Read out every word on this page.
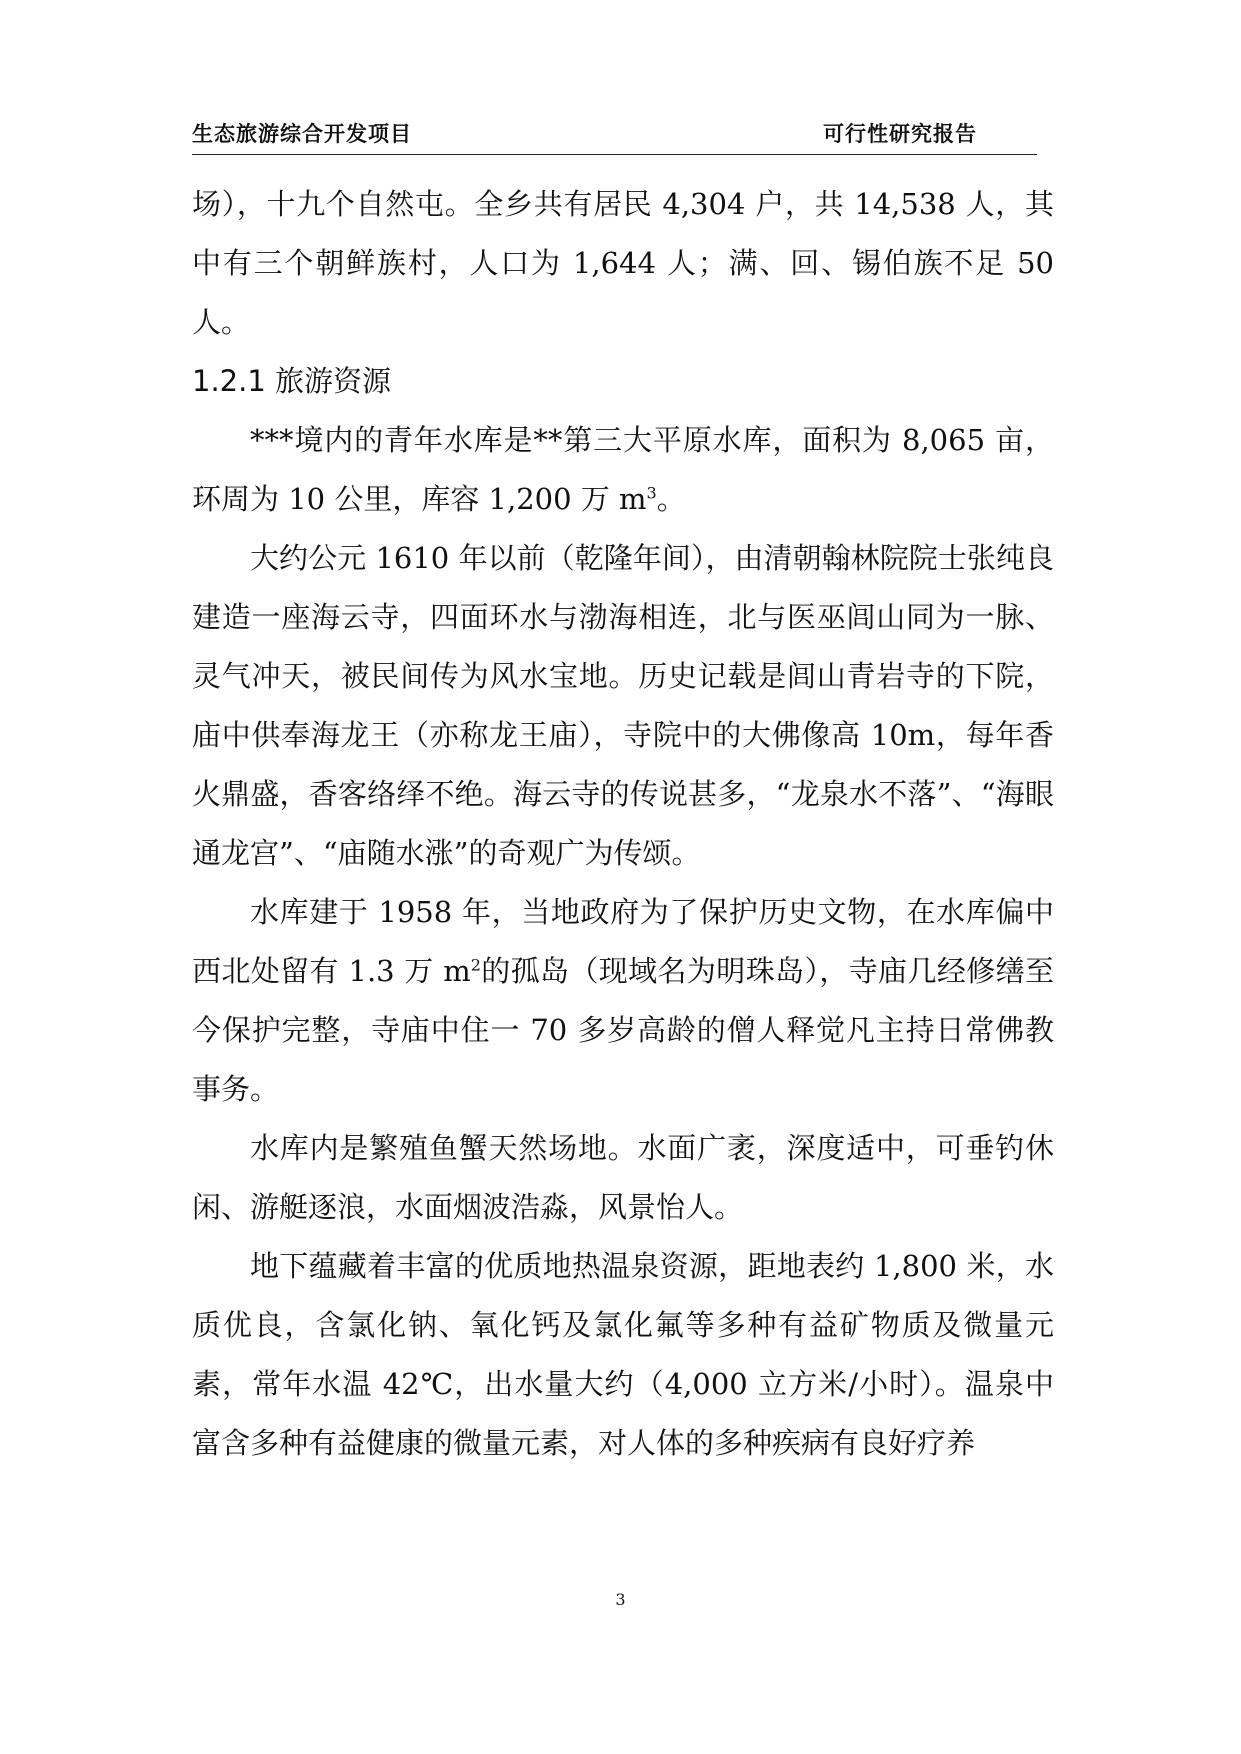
生态旅游综合开发项目	可行性研究报告

场），十九个自然屯。全乡共有居民 4,304 户，共 14,538 人，其中有三个朝鲜族村，人口为 1,644 人；满、回、锡伯族不足 50 人。

1.2.1 旅游资源

***境内的青年水库是**第三大平原水库，面积为 8,065 亩，环周为 10 公里，库容 1,200 万 $m^3$。

大约公元 1610 年以前（乾隆年间），由清朝翰林院院士张纯良建造一座海云寺，四面环水与渤海相连，北与医巫闾山同为一脉、灵气冲天，被民间传为风水宝地。历史记载是闾山青岩寺的下院，庙中供奉海龙王（亦称龙王庙），寺院中的大佛像高 10m，每年香火鼎盛，香客络绎不绝。海云寺的传说甚多，“龙泉水不落”、“海眼通龙宫”、“庙随水涨”的奇观广为传颂。

水库建于 1958 年，当地政府为了保护历史文物，在水库偏中西北处留有 1.3 万 $m^2$的孤岛（现域名为明珠岛），寺庙几经修缮至今保护完整，寺庙中住一 70 多岁高龄的僧人释觉凡主持日常佛教事务。

水库内是繁殖鱼蟹天然场地。水面广袤，深度适中，可垂钓休闲、游艇逐浪，水面烟波浩淼，风景怡人。

地下蕴藏着丰富的优质地热温泉资源，距地表约 1,800 米，水质优良，含氯化钠、氧化钙及氯化氟等多种有益矿物质及微量元素，常年水温 42℃，出水量大约（4,000 立方米/小时）。温泉中富含多种有益健康的微量元素，对人体的多种疾病有良好疗养

3
